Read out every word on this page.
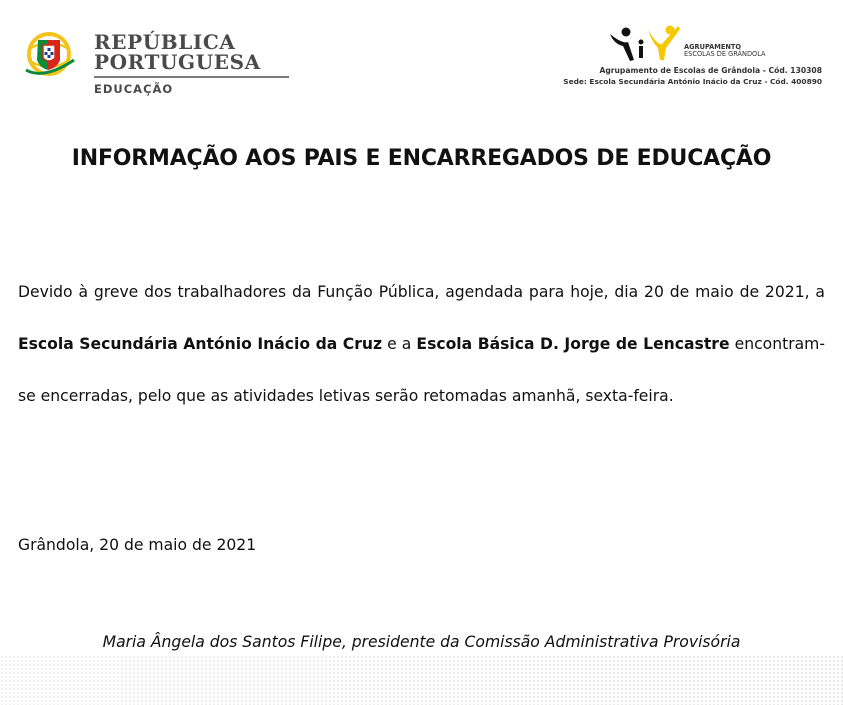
REPÚBLICA
PORTUGUESA
EDUCAÇÃO
AGRUPAMENTO
ESCOLAS DE GRÂNDOLA
Agrupamento de Escolas de Grândola - Cód. 130308
Sede: Escola Secundária António Inácio da Cruz - Cód. 400890
INFORMAÇÃO AOS PAIS E ENCARREGADOS DE EDUCAÇÃO
Devido à greve dos trabalhadores da Função Pública, agendada para hoje, dia 20 de maio de 2021, a Escola Secundária António Inácio da Cruz e a Escola Básica D. Jorge de Lencastre encontram-se encerradas, pelo que as atividades letivas serão retomadas amanhã, sexta-feira.
Grândola, 20 de maio de 2021
Maria Ângela dos Santos Filipe, presidente da Comissão Administrativa Provisória
